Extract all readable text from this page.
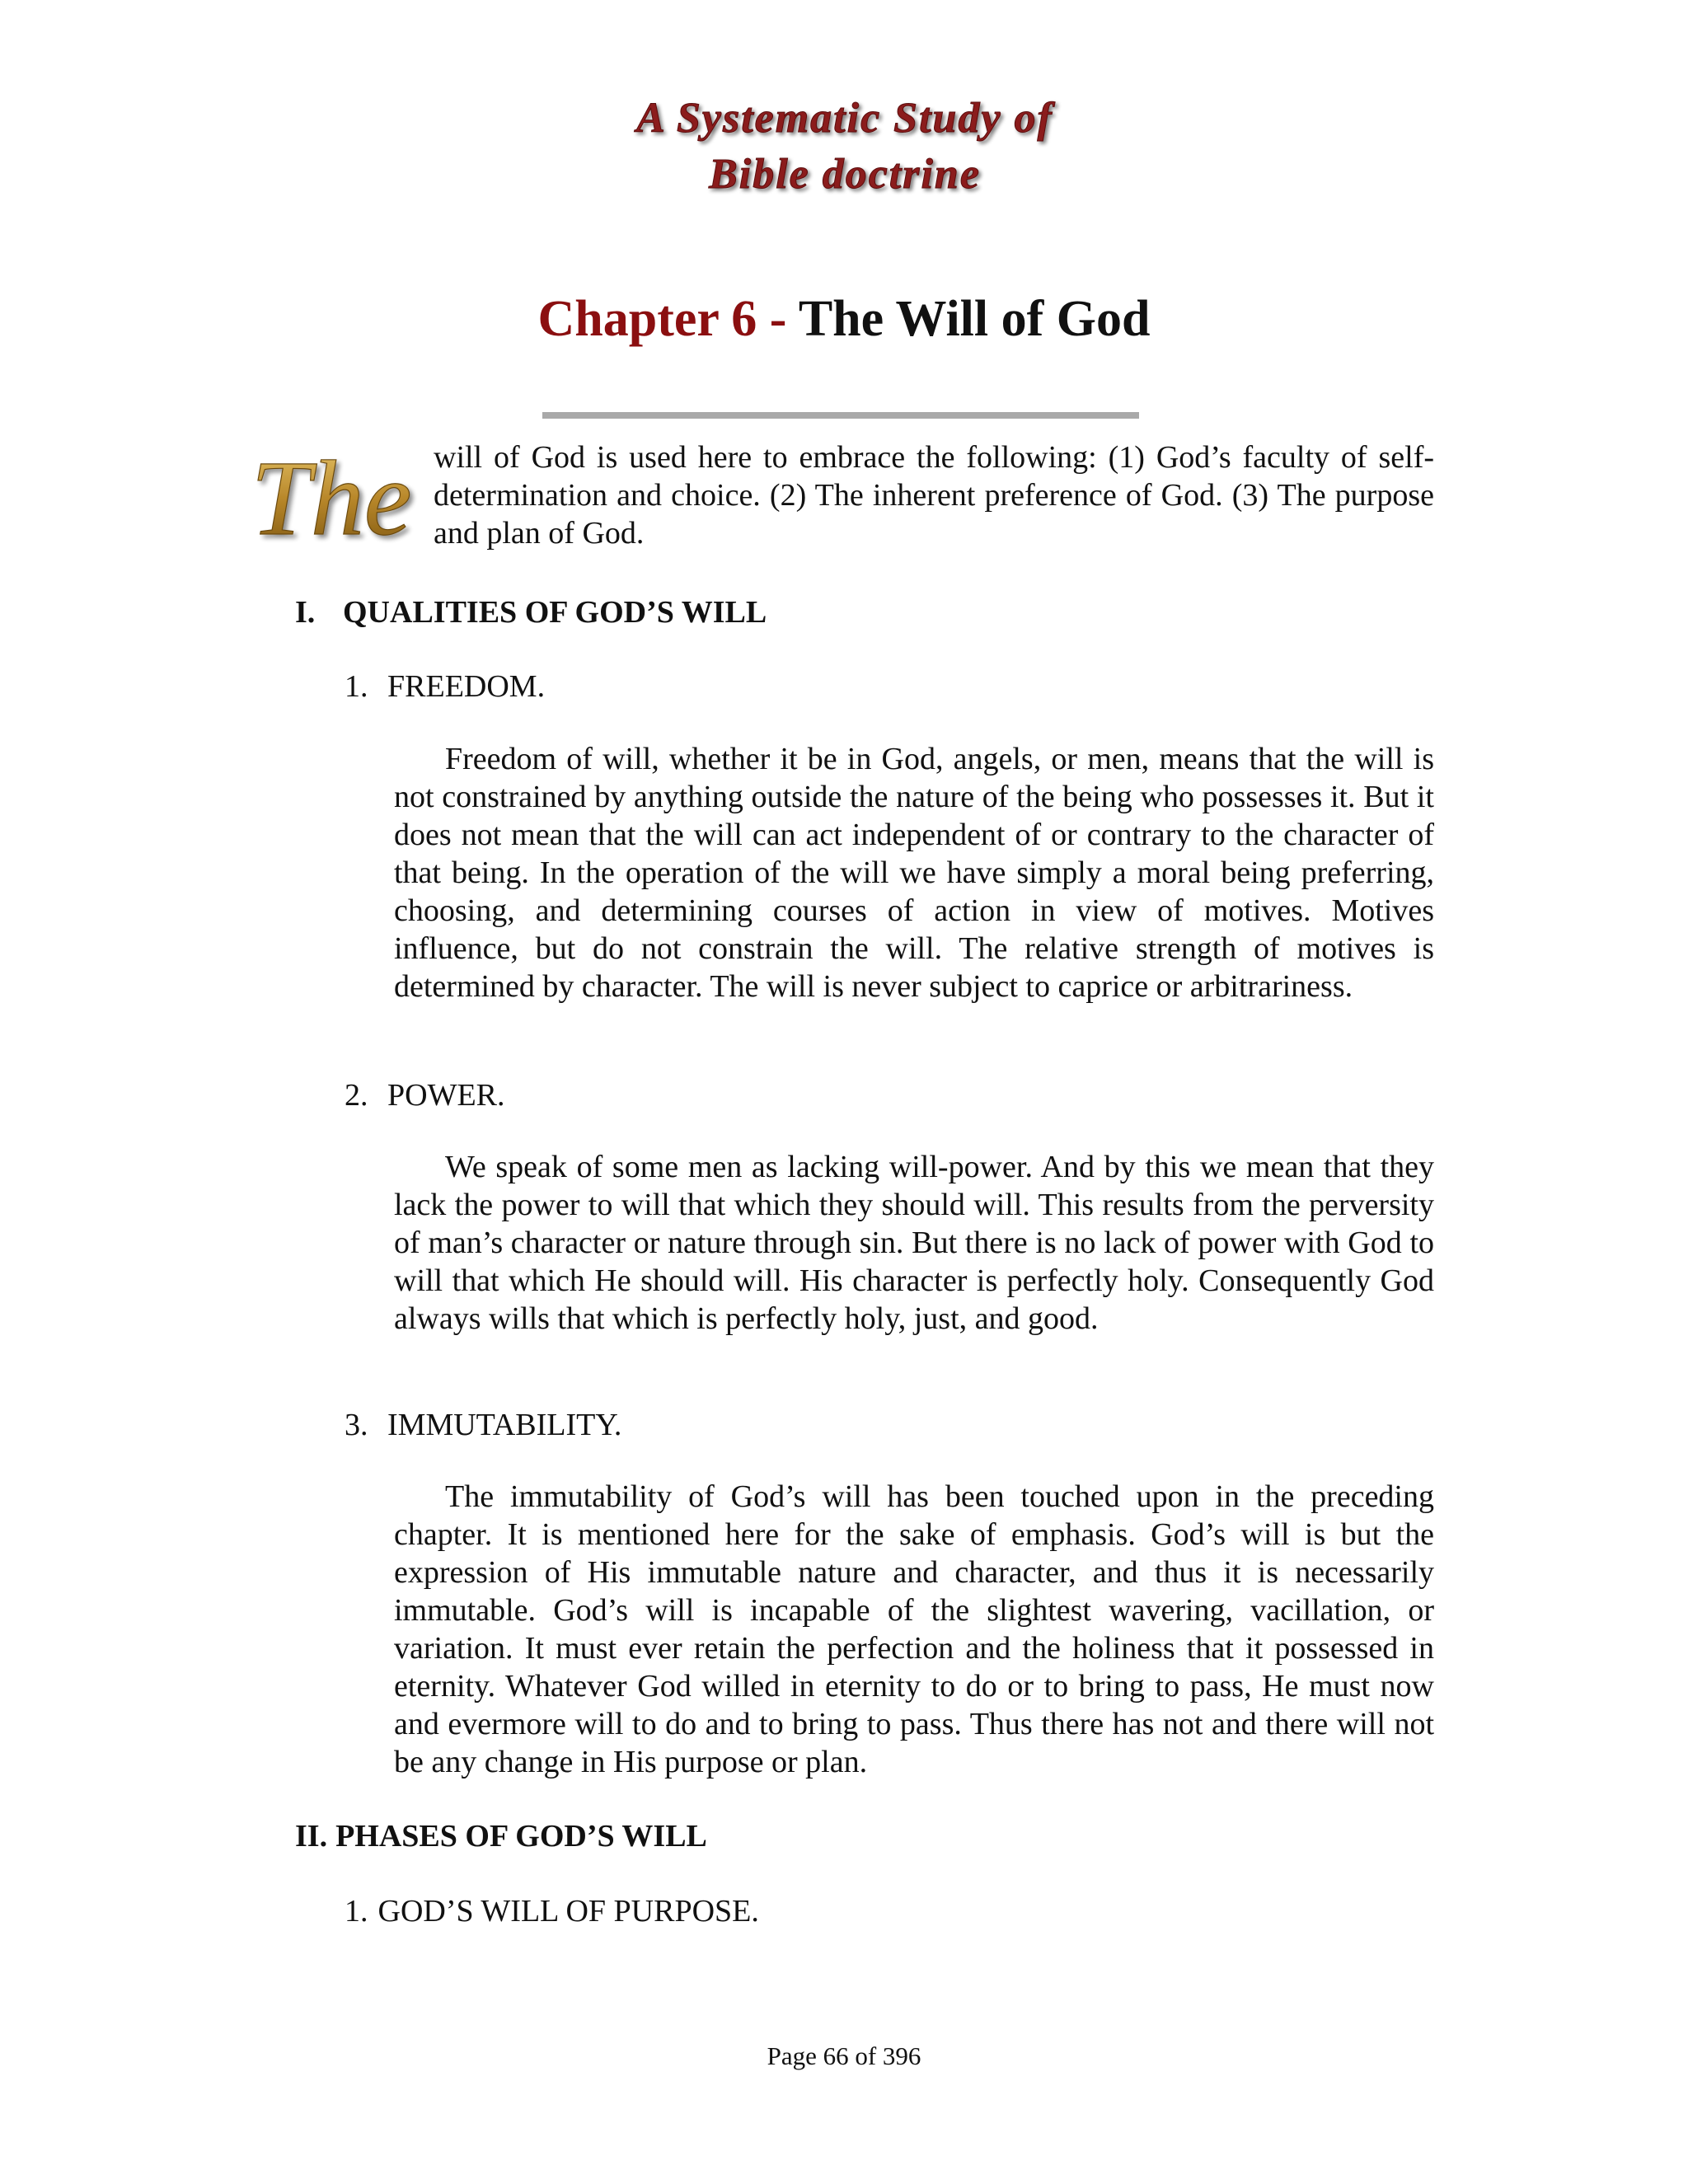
A Systematic Study of
Bible doctrine
Chapter 6 - The Will of God
The will of God is used here to embrace the following: (1) God’s faculty of self-determination and choice. (2) The inherent preference of God. (3) The purpose and plan of God.

I. QUALITIES OF GOD’S WILL
1. FREEDOM.

Freedom of will, whether it be in God, angels, or men, means that the will is not constrained by anything outside the nature of the being who possesses it. But it does not mean that the will can act independent of or contrary to the character of that being. In the operation of the will we have simply a moral being preferring, choosing, and determining courses of action in view of motives. Motives influence, but do not constrain the will. The relative strength of motives is determined by character. The will is never subject to caprice or arbitrariness.

2. POWER.

We speak of some men as lacking will-power. And by this we mean that they lack the power to will that which they should will. This results from the perversity of man’s character or nature through sin. But there is no lack of power with God to will that which He should will. His character is perfectly holy. Consequently God always wills that which is perfectly holy, just, and good.

3. IMMUTABILITY.

The immutability of God’s will has been touched upon in the preceding chapter. It is mentioned here for the sake of emphasis. God’s will is but the expression of His immutable nature and character, and thus it is necessarily immutable. God’s will is incapable of the slightest wavering, vacillation, or variation. It must ever retain the perfection and the holiness that it possessed in eternity. Whatever God willed in eternity to do or to bring to pass, He must now and evermore will to do and to bring to pass. Thus there has not and there will not be any change in His purpose or plan.

II. PHASES OF GOD’S WILL
1. GOD’S WILL OF PURPOSE.
Page 66 of 396
